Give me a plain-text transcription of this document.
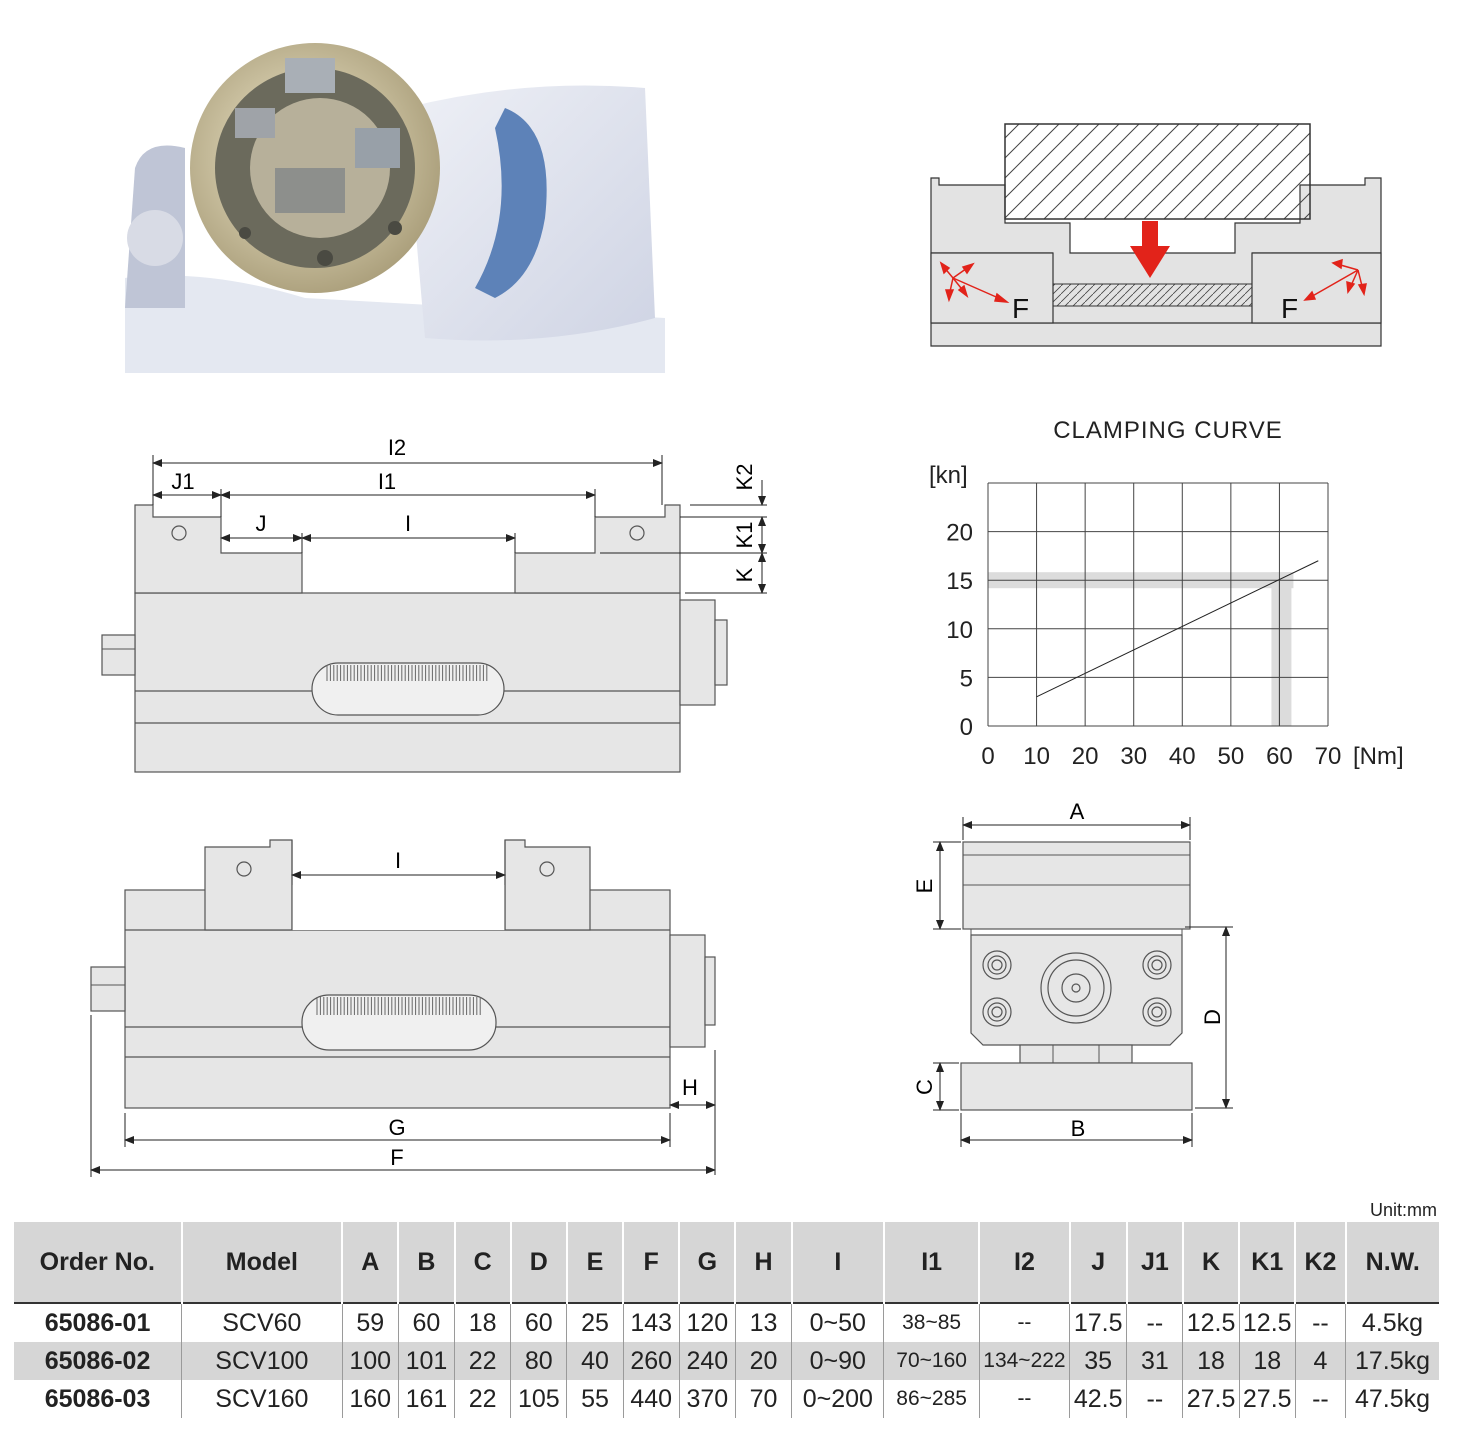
F	F
CLAMPING CURVE
[kn]
[Nm]
0 10 20 30 40 50 60 70
0
5
10
15
20
I2
J1	I1
J	I
K2
K1
K
I
H
G
F
A
E
D
C
B
Unit:mm
Order No.	Model	A	B	C	D	E	F	G	H	I	I1	I2	J	J1	K	K1	K2	N.W.
65086-01	SCV60	59	60	18	60	25	143	120	13	0~50	38~85	--	17.5	--	12.5	12.5	--	4.5kg
65086-02	SCV100	100	101	22	80	40	260	240	20	0~90	70~160	134~222	35	31	18	18	4	17.5kg
65086-03	SCV160	160	161	22	105	55	440	370	70	0~200	86~285	--	42.5	--	27.5	27.5	--	47.5kg
